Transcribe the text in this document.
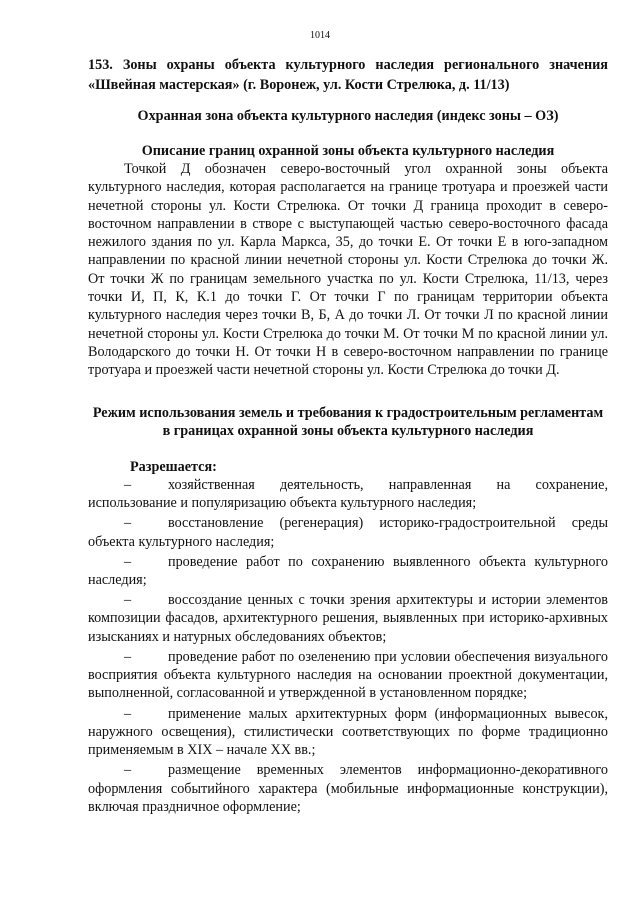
1014
153. Зоны охраны объекта культурного наследия регионального значения «Швейная мастерская» (г. Воронеж, ул. Кости Стрелюка, д. 11/13)
Охранная зона объекта культурного наследия (индекс зоны – ОЗ)
Описание границ охранной зоны объекта культурного наследия

Точкой Д обозначен северо-восточный угол охранной зоны объекта культурного наследия, которая располагается на границе тротуара и проезжей части нечетной стороны ул. Кости Стрелюка. От точки Д граница проходит в северо-восточном направлении в створе с выступающей частью северо-восточного фасада нежилого здания по ул. Карла Маркса, 35, до точки Е. От точки Е в юго-западном направлении по красной линии нечетной стороны ул. Кости Стрелюка до точки Ж. От точки Ж по границам земельного участка по ул. Кости Стрелюка, 11/13, через точки И, П, К, К.1 до точки Г. От точки Г по границам территории объекта культурного наследия через точки В, Б, А до точки Л. От точки Л по красной линии нечетной стороны ул. Кости Стрелюка до точки М. От точки М по красной линии ул. Володарского до точки Н. От точки Н в северо-восточном направлении по границе тротуара и проезжей части нечетной стороны ул. Кости Стрелюка до точки Д.

Режим использования земель и требования к градостроительным регламентам в границах охранной зоны объекта культурного наследия
Разрешается:
–	хозяйственная деятельность, направленная на сохранение, использование и популяризацию объекта культурного наследия;
–	восстановление (регенерация) историко-градостроительной среды объекта культурного наследия;
–	проведение работ по сохранению выявленного объекта культурного наследия;
–	воссоздание ценных с точки зрения архитектуры и истории элементов композиции фасадов, архитектурного решения, выявленных при историко-архивных изысканиях и натурных обследованиях объектов;
–	проведение работ по озеленению при условии обеспечения визуального восприятия объекта культурного наследия на основании проектной документации, выполненной, согласованной и утвержденной в установленном порядке;
–	применение малых архитектурных форм (информационных вывесок, наружного освещения), стилистически соответствующих по форме традиционно применяемым в XIX – начале XX вв.;
–	размещение временных элементов информационно-декоративного оформления событийного характера (мобильные информационные конструкции), включая праздничное оформление;
